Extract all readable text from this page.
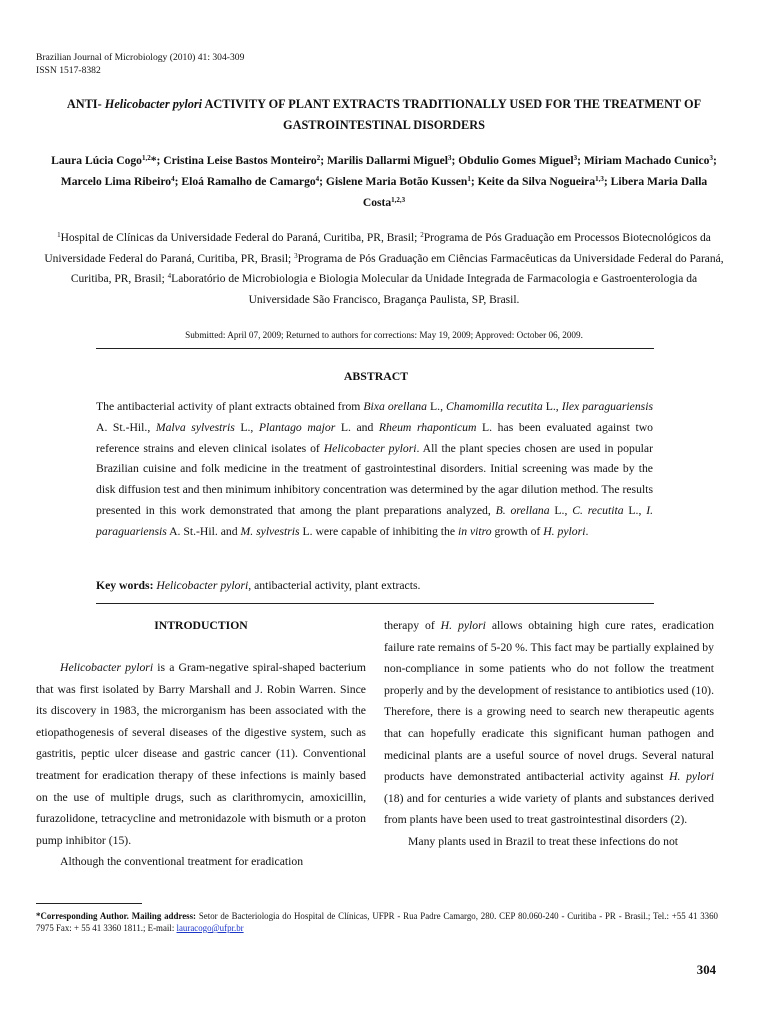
Brazilian Journal of Microbiology (2010) 41: 304-309
ISSN 1517-8382
ANTI- Helicobacter pylori ACTIVITY OF PLANT EXTRACTS TRADITIONALLY USED FOR THE TREATMENT OF GASTROINTESTINAL DISORDERS
Laura Lúcia Cogo$^{1,2}$*; Cristina Leise Bastos Monteiro$^2$; Marilis Dallarmi Miguel$^3$; Obdulio Gomes Miguel$^3$; Miriam Machado Cunico$^3$; Marcelo Lima Ribeiro$^4$; Eloá Ramalho de Camargo$^4$; Gislene Maria Botão Kussen$^1$; Keite da Silva Nogueira$^{1,3}$; Libera Maria Dalla Costa$^{1,2,3}$
$^1$Hospital de Clínicas da Universidade Federal do Paraná, Curitiba, PR, Brasil; $^2$Programa de Pós Graduação em Processos Biotecnológicos da Universidade Federal do Paraná, Curitiba, PR, Brasil; $^3$Programa de Pós Graduação em Ciências Farmacêuticas da Universidade Federal do Paraná, Curitiba, PR, Brasil; $^4$Laboratório de Microbiologia e Biologia Molecular da Unidade Integrada de Farmacologia e Gastroenterologia da Universidade São Francisco, Bragança Paulista, SP, Brasil.
Submitted: April 07, 2009; Returned to authors for corrections: May 19, 2009; Approved: October 06, 2009.
ABSTRACT
The antibacterial activity of plant extracts obtained from Bixa orellana L., Chamomilla recutita L., Ilex paraguariensis A. St.-Hil., Malva sylvestris L., Plantago major L. and Rheum rhaponticum L. has been evaluated against two reference strains and eleven clinical isolates of Helicobacter pylori. All the plant species chosen are used in popular Brazilian cuisine and folk medicine in the treatment of gastrointestinal disorders. Initial screening was made by the disk diffusion test and then minimum inhibitory concentration was determined by the agar dilution method. The results presented in this work demonstrated that among the plant preparations analyzed, B. orellana L., C. recutita L., I. paraguariensis A. St.-Hil. and M. sylvestris L. were capable of inhibiting the in vitro growth of H. pylori.
Key words: Helicobacter pylori, antibacterial activity, plant extracts.
INTRODUCTION

Helicobacter pylori is a Gram-negative spiral-shaped bacterium that was first isolated by Barry Marshall and J. Robin Warren. Since its discovery in 1983, the microrganism has been associated with the etiopathogenesis of several diseases of the digestive system, such as gastritis, peptic ulcer disease and gastric cancer (11). Conventional treatment for eradication therapy of these infections is mainly based on the use of multiple drugs, such as clarithromycin, amoxicillin, furazolidone, tetracycline and metronidazole with bismuth or a proton pump inhibitor (15).

Although the conventional treatment for eradication

therapy of H. pylori allows obtaining high cure rates, eradication failure rate remains of 5-20 %. This fact may be partially explained by non-compliance in some patients who do not follow the treatment properly and by the development of resistance to antibiotics used (10). Therefore, there is a growing need to search new therapeutic agents that can hopefully eradicate this significant human pathogen and medicinal plants are a useful source of novel drugs. Several natural products have demonstrated antibacterial activity against H. pylori (18) and for centuries a wide variety of plants and substances derived from plants have been used to treat gastrointestinal disorders (2).

Many plants used in Brazil to treat these infections do not

*Corresponding Author. Mailing address: Setor de Bacteriologia do Hospital de Clínicas, UFPR - Rua Padre Camargo, 280. CEP 80.060-240 - Curitiba - PR - Brasil.; Tel.: +55 41 3360 7975 Fax: + 55 41 3360 1811.; E-mail: lauracogo@ufpr.br
304
